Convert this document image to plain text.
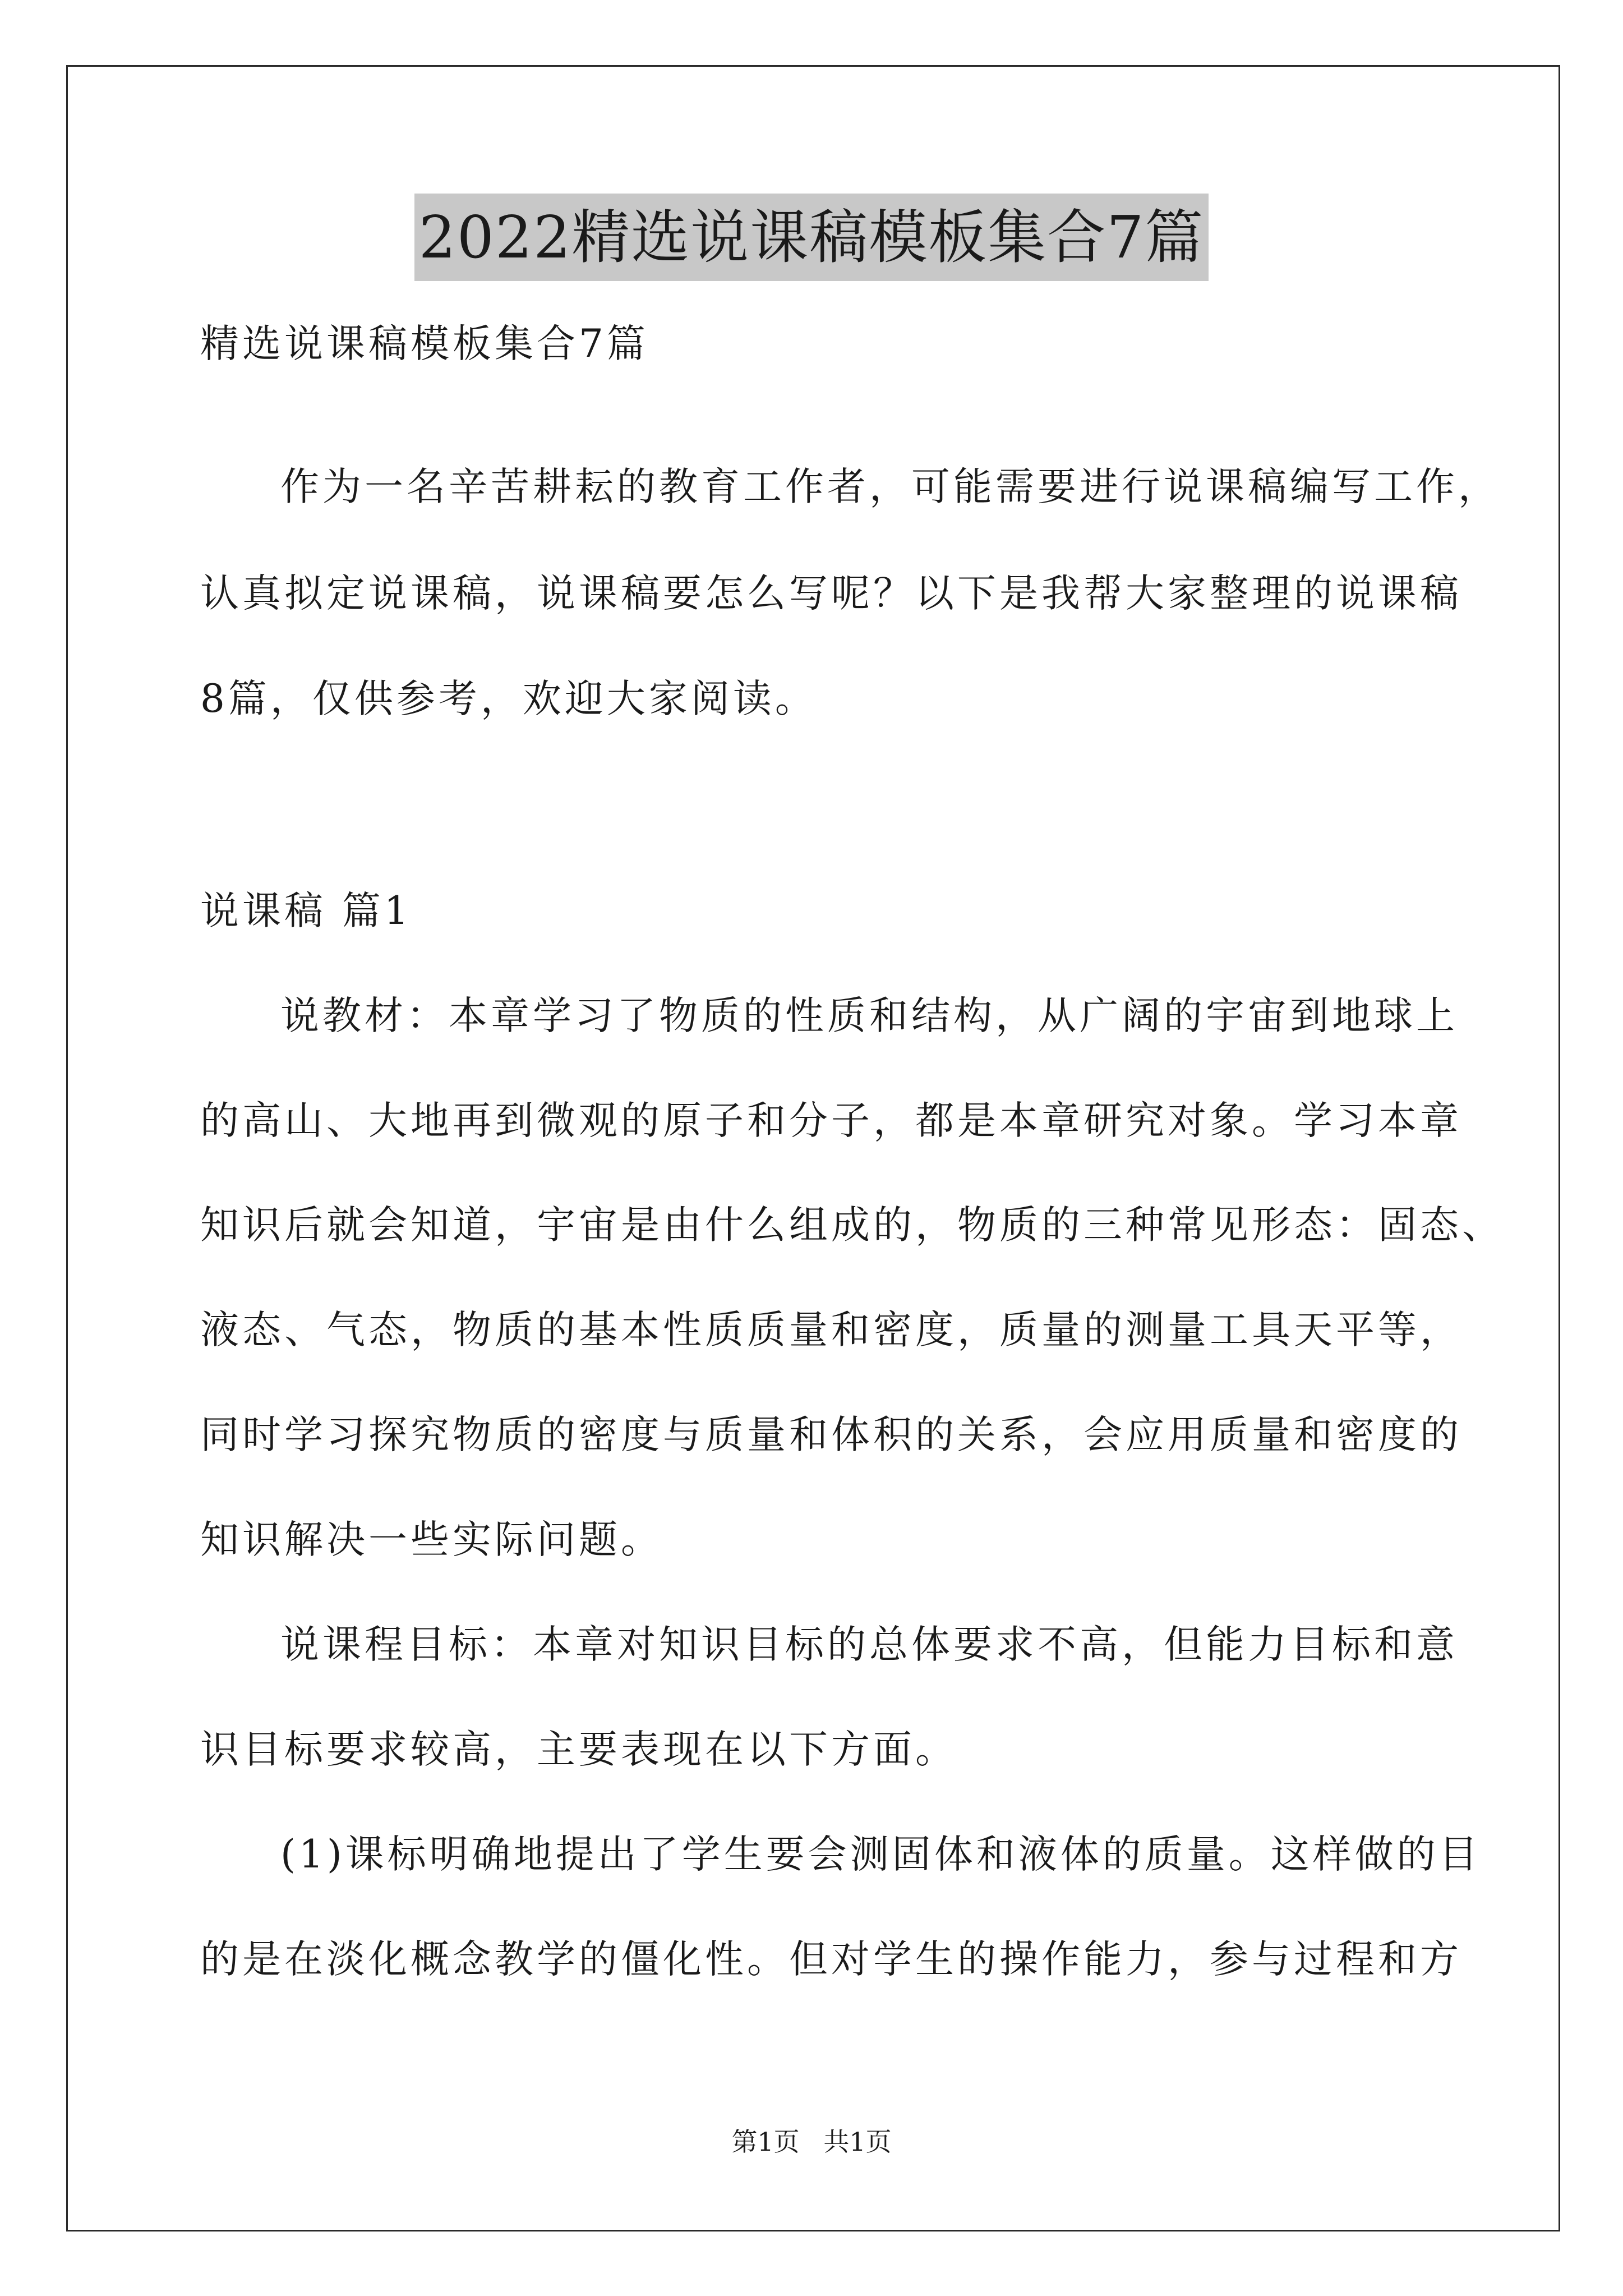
2022精选说课稿模板集合7篇
精选说课稿模板集合7篇
作为一名辛苦耕耘的教育工作者，可能需要进行说课稿编写工作，
认真拟定说课稿，说课稿要怎么写呢？以下是我帮大家整理的说课稿
8篇，仅供参考，欢迎大家阅读。
说课稿 篇1
说教材：本章学习了物质的性质和结构，从广阔的宇宙到地球上
的高山、大地再到微观的原子和分子，都是本章研究对象。学习本章
知识后就会知道，宇宙是由什么组成的，物质的三种常见形态：固态、
液态、气态，物质的基本性质质量和密度，质量的测量工具天平等，
同时学习探究物质的密度与质量和体积的关系，会应用质量和密度的
知识解决一些实际问题。
说课程目标：本章对知识目标的总体要求不高，但能力目标和意
识目标要求较高，主要表现在以下方面。
(1)课标明确地提出了学生要会测固体和液体的质量。这样做的目
的是在淡化概念教学的僵化性。但对学生的操作能力，参与过程和方
第1页 共1页
